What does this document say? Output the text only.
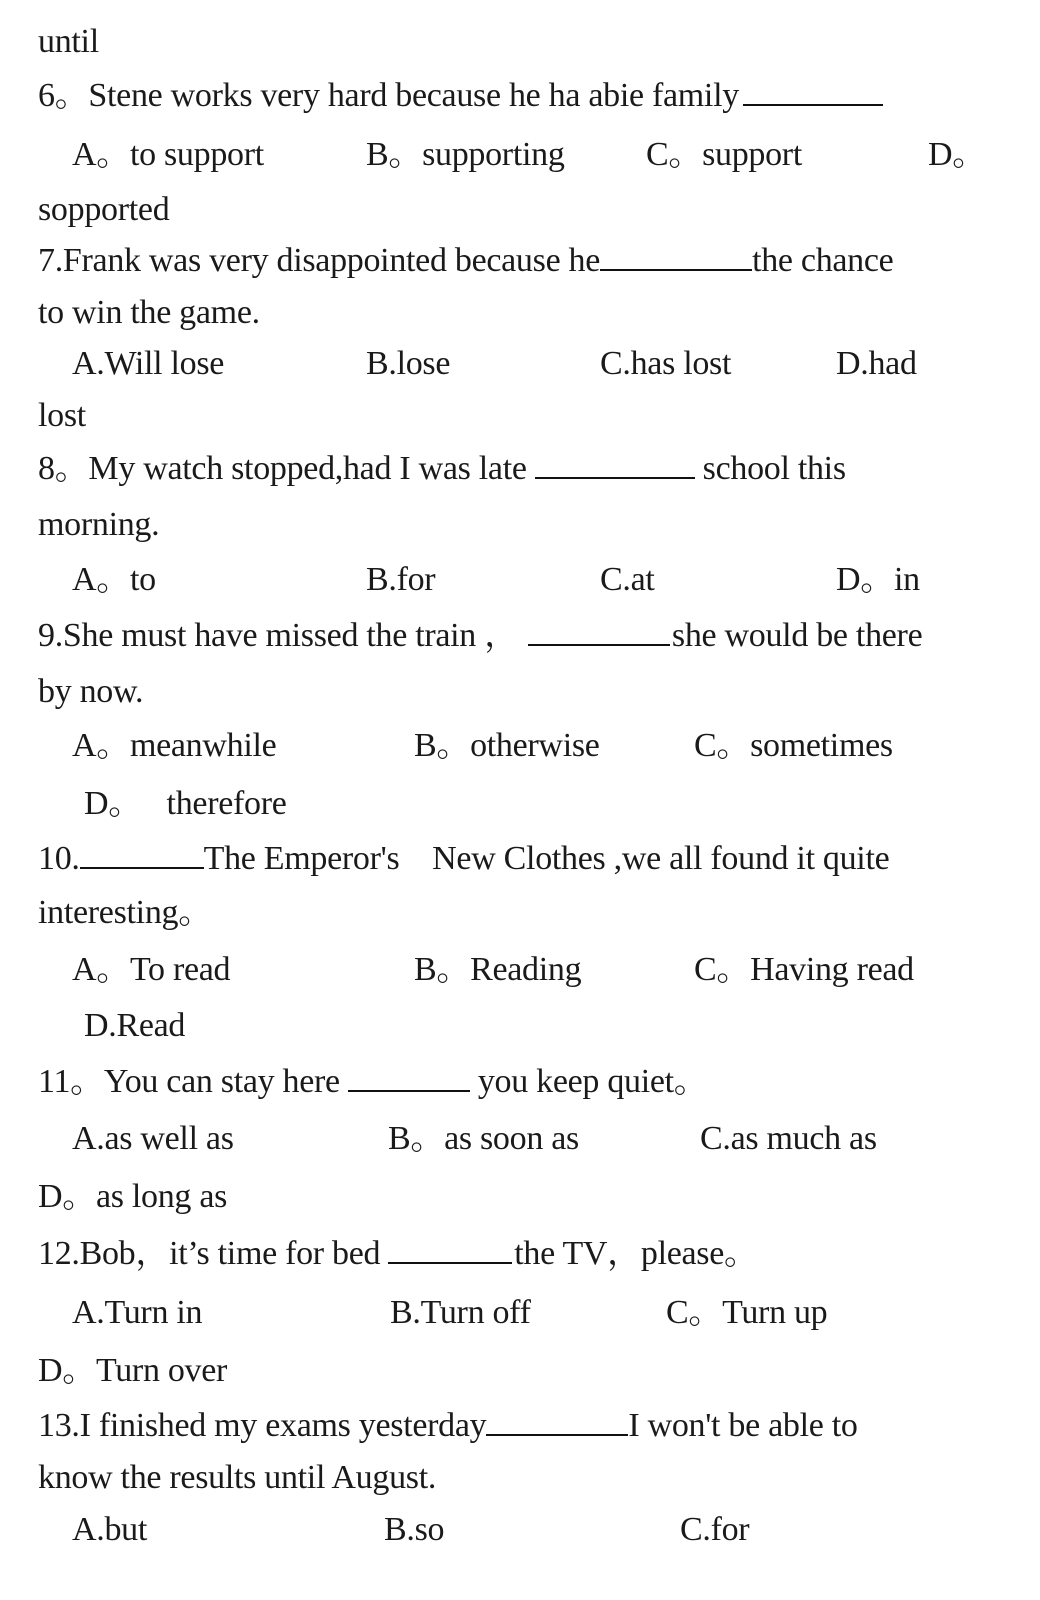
until
6。Stene works very hard because he ha abie family
A。to support	B。supporting C。support	D。
sopported
7.Frank was very disappointed because he	the chance
to win the game.
A.Will lose	B.lose	C.has lost	D.had
lost
8。My watch stopped,had I was late	school this
morning.
A。to	B.for	C.at	D。in
9.She must have missed the train ，	she would be there
by now.
A。meanwhile	B。otherwise	C。sometimes
D。   therefore
10.	The Emperor's    New Clothes ,we all found it quite
interesting。
A。To read	B。Reading	C。Having read
D.Read
11。You can stay here	you keep quiet。
A.as well as	B。as soon as	C.as much as
D。as long as
12.Bob，it’s time for bed	the TV，please。
A.Turn in	B.Turn off	C。Turn up
D。Turn over
13.I finished my exams yesterday	I won't be able to
know the results until August.
A.but	B.so	C.for
